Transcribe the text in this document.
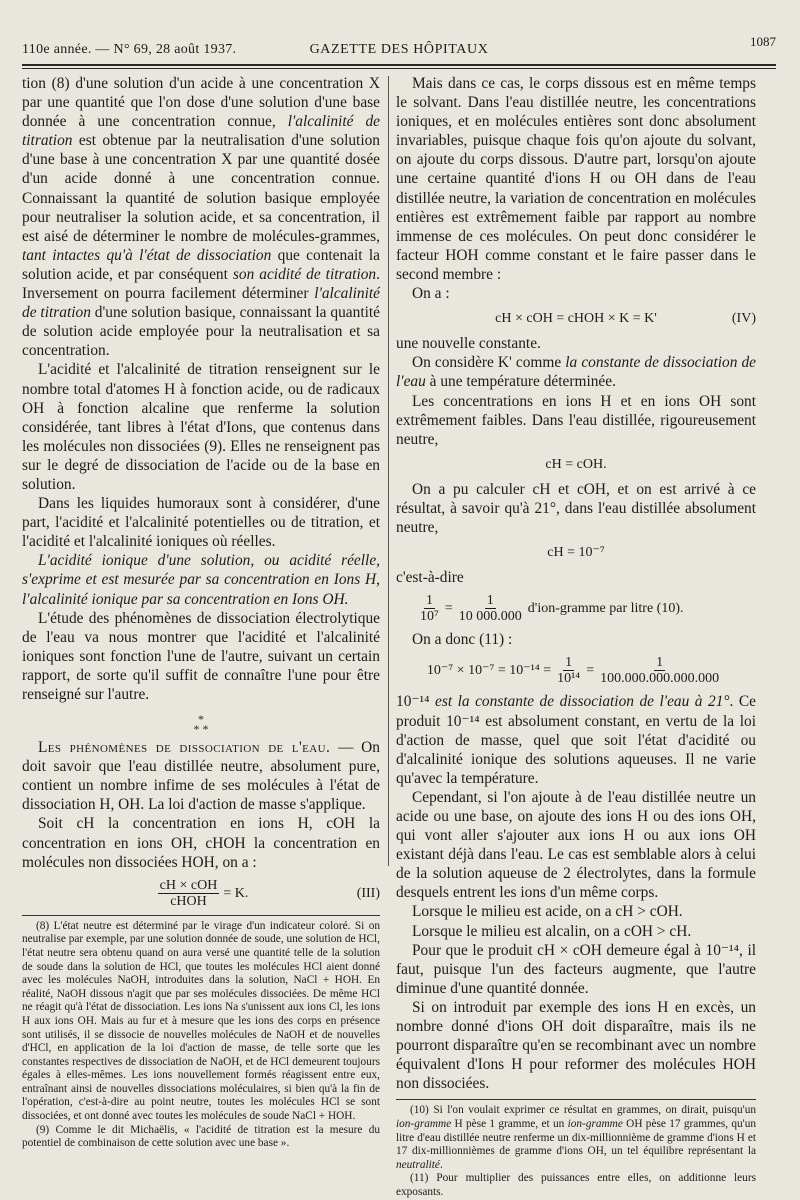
110e année. — N° 69, 28 août 1937.	GAZETTE DES HÔPITAUX
1087

tion (8) d'une solution d'un acide à une concentration X par une quantité que l'on dose d'une solution d'une base donnée à une concentration connue, l'alcalinité de titration est obtenue par la neutralisation d'une solution d'une base à une concentration X par une quantité dosée d'un acide donné à une concentration connue. Connaissant la quantité de solution basique employée pour neutraliser la solution acide, et sa concentration, il est aisé de déterminer le nombre de molécules-grammes, tant intactes qu'à l'état de dissociation que contenait la solution acide, et par conséquent son acidité de titration. Inversement on pourra facilement déterminer l'alcalinité de titration d'une solution basique, connaissant la quantité de solution acide employée pour la neutralisation et sa concentration.

L'acidité et l'alcalinité de titration renseignent sur le nombre total d'atomes H à fonction acide, ou de radicaux OH à fonction alcaline que renferme la solution considérée, tant libres à l'état d'Ions, que contenus dans les molécules non dissociées (9). Elles ne renseignent pas sur le degré de dissociation de l'acide ou de la base en solution.

Dans les liquides humoraux sont à considérer, d'une part, l'acidité et l'alcalinité potentielles ou de titration, et l'acidité et l'alcalinité ioniques où réelles.

L'acidité ionique d'une solution, ou acidité réelle, s'exprime et est mesurée par sa concentration en Ions H, l'alcalinité ionique par sa concentration en Ions OH.

L'étude des phénomènes de dissociation électrolytique de l'eau va nous montrer que l'acidité et l'alcalinité ioniques sont fonction l'une de l'autre, suivant un certain rapport, de sorte qu'il suffit de connaître l'une pour être renseigné sur l'autre.

*
* *

Les phénomènes de dissociation de l'eau. — On doit savoir que l'eau distillée neutre, absolument pure, contient un nombre infime de ses molécules à l'état de dissociation H, OH. La loi d'action de masse s'applique.

Soit cH la concentration en ions H, cOH la concentration en ions OH, cHOH la concentration en molécules non dissociées HOH, on a :

$\frac{\text{cH × cOH}}{\text{cHOH}} = K$.	(III)

(8) L'état neutre est déterminé par le virage d'un indicateur coloré. Si on neutralise par exemple, par une solution donnée de soude, une solution de HCl, l'état neutre sera obtenu quand on aura versé une quantité telle de la solution de soude dans la solution de HCl, que toutes les molécules HCl aient donné avec les molécules NaOH, introduites dans la solution, NaCl + HOH. En réalité, NaOH dissous n'agit que par ses molécules dissociées. De même HCl ne réagit qu'à l'état de dissociation. Les ions Na s'unissent aux ions Cl, les ions H aux ions OH. Mais au fur et à mesure que les ions des corps en présence sont utilisés, il se dissocie de nouvelles molécules de NaOH et de nouvelles d'HCl, en application de la loi d'action de masse, de telle sorte que les constantes respectives de dissociation de NaOH, et de HCl demeurent toujours égales à elles-mêmes. Les ions nouvellement formés réagissent entre eux, entraînant ainsi de nouvelles dissociations moléculaires, si bien qu'à la fin de l'opération, c'est-à-dire au point neutre, toutes les molécules HCl se sont dissociées, et ont donné avec toutes les molécules de soude NaCl + HOH.

(9) Comme le dit Michaëlis, « l'acidité de titration est la mesure du potentiel de combinaison de cette solution avec une base ».

Mais dans ce cas, le corps dissous est en même temps le solvant. Dans l'eau distillée neutre, les concentrations ioniques, et en molécules entières sont donc absolument invariables, puisque chaque fois qu'on ajoute du solvant, on ajoute du corps dissous. D'autre part, lorsqu'on ajoute une certaine quantité d'ions H ou OH dans de l'eau distillée neutre, la variation de concentration en molécules entières est extrêmement faible par rapport au nombre immense de ces molécules. On peut donc considérer le facteur HOH comme constant et le faire passer dans le second membre :

On a :

cH × cOH = cHOH × K = K'	(IV)

une nouvelle constante.

On considère K' comme la constante de dissociation de l'eau à une température déterminée.

Les concentrations en ions H et en ions OH sont extrêmement faibles. Dans l'eau distillée, rigoureusement neutre,

cH = cOH.

On a pu calculer cH et cOH, et on est arrivé à ce résultat, à savoir qu'à 21°, dans l'eau distillée absolument neutre,

cH = 10⁻⁷

c'est-à-dire

$\frac{1}{\text{10⁷}} = \frac{1}{10 000.000}$ d'ion-gramme par litre (10).

On a donc (11) :

$10^{-7} \times 10^{-7} = 10^{-14} = \frac{1}{\text{10¹⁴}} = \frac{1}{100.000.000.000.000}$

10⁻¹⁴ est la constante de dissociation de l'eau à 21°. Ce produit 10⁻¹⁴ est absolument constant, en vertu de la loi d'action de masse, quel que soit l'état d'acidité ou d'alcalinité ionique des solutions aqueuses. Il ne varie qu'avec la température.

Cependant, si l'on ajoute à de l'eau distillée neutre un acide ou une base, on ajoute des ions H ou des ions OH, qui vont aller s'ajouter aux ions H ou aux ions OH existant déjà dans l'eau. Le cas est semblable alors à celui de la solution aqueuse de 2 électrolytes, dans la formule desquels entrent les ions d'un même corps.

Lorsque le milieu est acide, on a cH > cOH.

Lorsque le milieu est alcalin, on a cOH > cH.

Pour que le produit cH × cOH demeure égal à 10⁻¹⁴, il faut, puisque l'un des facteurs augmente, que l'autre diminue d'une quantité donnée.

Si on introduit par exemple des ions H en excès, un nombre donné d'ions OH doit disparaître, mais ils ne pourront disparaître qu'en se recombinant avec un nombre équivalent d'Ions H pour reformer des molécules HOH non dissociées.

(10) Si l'on voulait exprimer ce résultat en grammes, on dirait, puisqu'un ion-gramme H pèse 1 gramme, et un ion-gramme OH pèse 17 grammes, qu'un litre d'eau distillée neutre renferme un dix-millionnième de gramme d'ions H et 17 dix-millionnièmes de gramme d'ions OH, un tel équilibre représentant la neutralité.

(11) Pour multiplier des puissances entre elles, on additionne leurs exposants.
